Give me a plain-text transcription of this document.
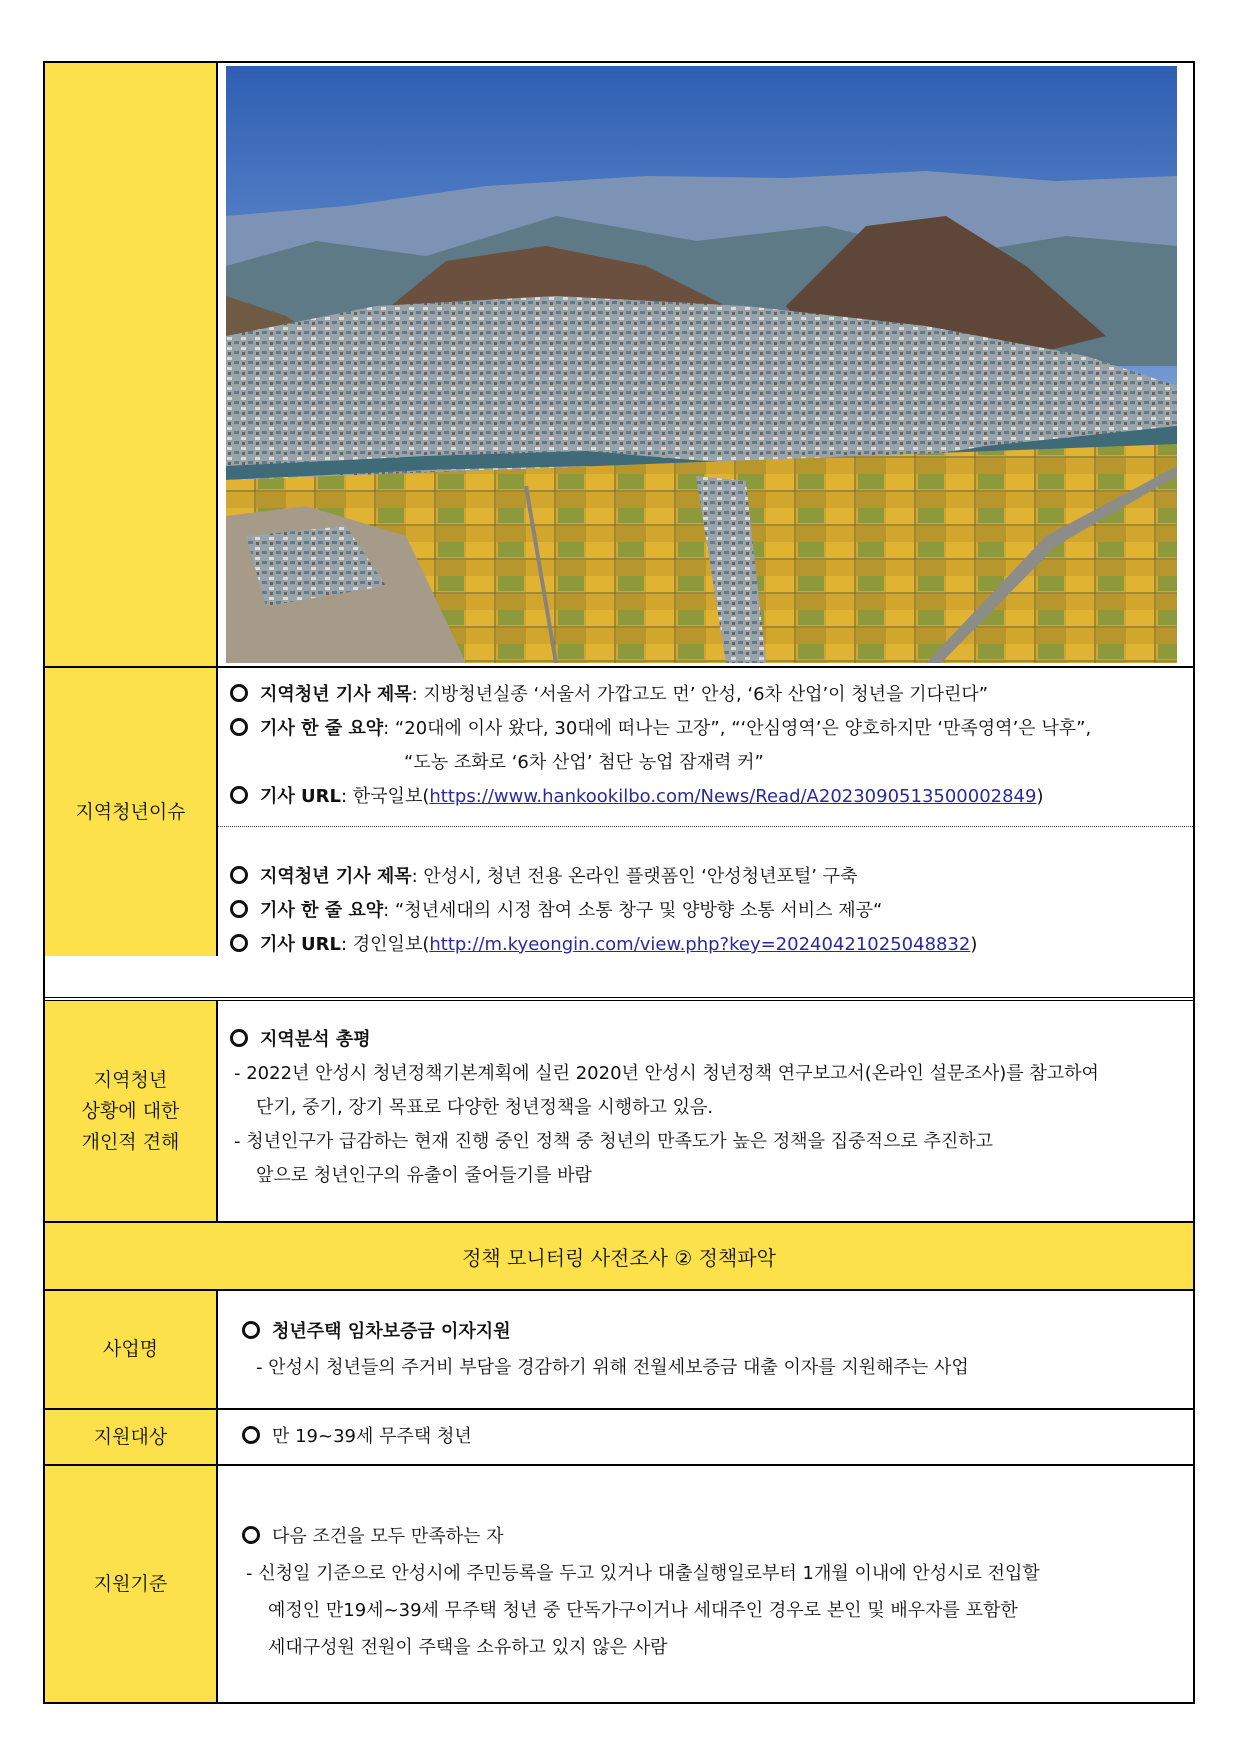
지역청년이슈
지역청년 기사 제목: 지방청년실종 ‘서울서 가깝고도 먼’ 안성, ‘6차 산업’이 청년을 기다린다”
기사 한 줄 요약: “20대에 이사 왔다, 30대에 떠나는 고장”, “‘안심영역’은 양호하지만 ‘만족영역’은 낙후”,
“도농 조화로 ‘6차 산업’ 첨단 농업 잠재력 커”
기사 URL: 한국일보(https://www.hankookilbo.com/News/Read/A2023090513500002849)
지역청년 기사 제목: 안성시, 청년 전용 온라인 플랫폼인 ‘안성청년포털’ 구축
기사 한 줄 요약: “청년세대의 시정 참여 소통 창구 및 양방향 소통 서비스 제공“
기사 URL: 경인일보(http://m.kyeongin.com/view.php?key=20240421025048832)
지역청년
상황에 대한
개인적 견해
지역분석 총평
- 2022년 안성시 청년정책기본계획에 실린 2020년 안성시 청년정책 연구보고서(온라인 설문조사)를 참고하여
단기, 중기, 장기 목표로 다양한 청년정책을 시행하고 있음.
- 청년인구가 급감하는 현재 진행 중인 정책 중 청년의 만족도가 높은 정책을 집중적으로 추진하고
앞으로 청년인구의 유출이 줄어들기를 바람
정책 모니터링 사전조사 ② 정책파악
사업명
청년주택 임차보증금 이자지원
- 안성시 청년들의 주거비 부담을 경감하기 위해 전월세보증금 대출 이자를 지원해주는 사업
지원대상	만 19~39세 무주택 청년
지원기준
다음 조건을 모두 만족하는 자
- 신청일 기준으로 안성시에 주민등록을 두고 있거나 대출실행일로부터 1개월 이내에 안성시로 전입할
예정인 만19세~39세 무주택 청년 중 단독가구이거나 세대주인 경우로 본인 및 배우자를 포함한
세대구성원 전원이 주택을 소유하고 있지 않은 사람
